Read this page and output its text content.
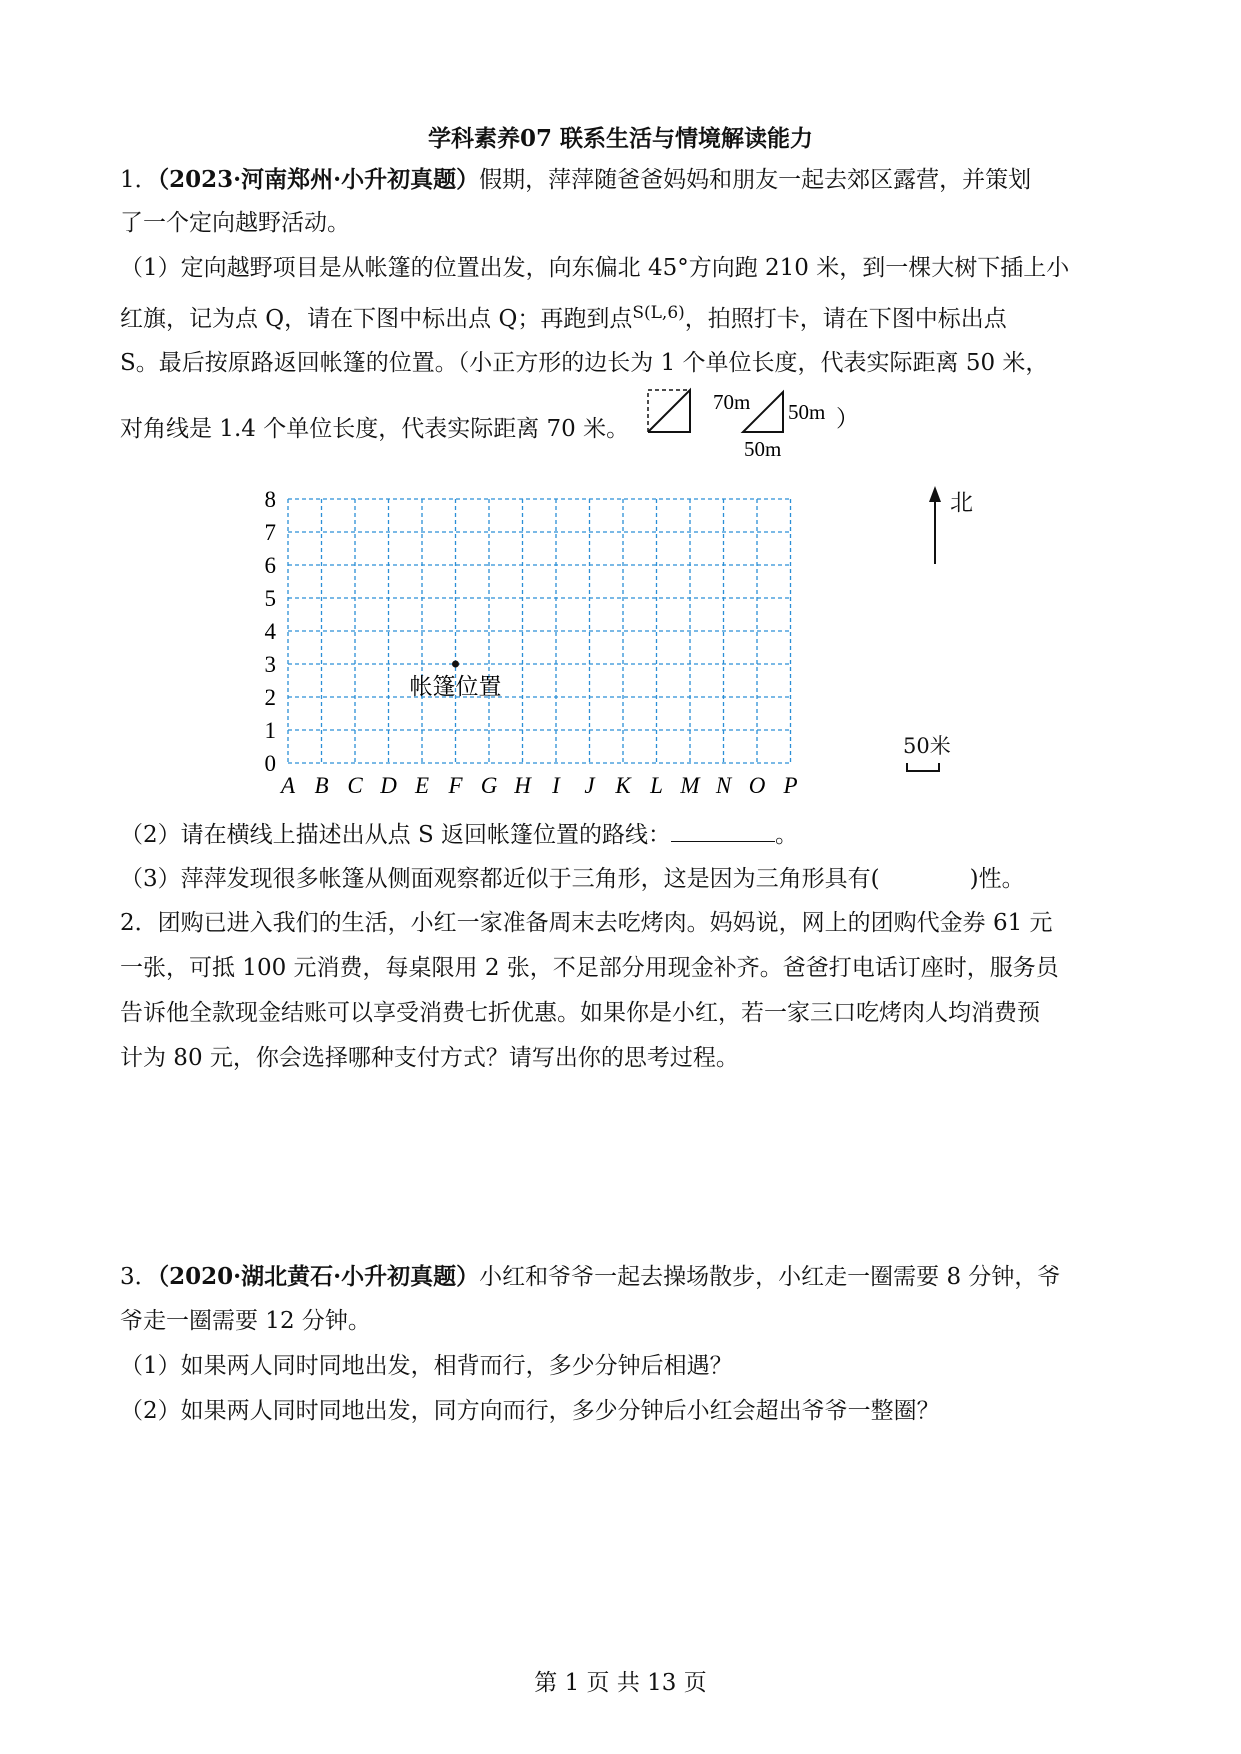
学科素养07 联系生活与情境解读能力
1．（2023·河南郑州·小升初真题）假期，萍萍随爸爸妈妈和朋友一起去郊区露营，并策划
了一个定向越野活动。
（1）定向越野项目是从帐篷的位置出发，向东偏北 45°方向跑 210 米，到一棵大树下插上小
红旗，记为点 Q，请在下图中标出点 Q；再跑到点$^{S(L,6)}$，拍照打卡，请在下图中标出点
S。最后按原路返回帐篷的位置。（小正方形的边长为 1 个单位长度，代表实际距离 50 米，
对角线是 1.4 个单位长度，代表实际距离 70 米。
70m 50m
50m
）
A B C D E F G H I J K L M N O P
0
1
2
3
4
5
6
7
8
帐篷位置
北
50米
（2）请在横线上描述出从点 S 返回帐篷位置的路线：	。
（3）萍萍发现很多帐篷从侧面观察都近似于三角形，这是因为三角形具有(	)性。
2．团购已进入我们的生活，小红一家准备周末去吃烤肉。妈妈说，网上的团购代金券 61 元
一张，可抵 100 元消费，每桌限用 2 张，不足部分用现金补齐。爸爸打电话订座时，服务员
告诉他全款现金结账可以享受消费七折优惠。如果你是小红，若一家三口吃烤肉人均消费预
计为 80 元，你会选择哪种支付方式？请写出你的思考过程。
3．（2020·湖北黄石·小升初真题）小红和爷爷一起去操场散步，小红走一圈需要 8 分钟，爷
爷走一圈需要 12 分钟。
（1）如果两人同时同地出发，相背而行，多少分钟后相遇？
（2）如果两人同时同地出发，同方向而行，多少分钟后小红会超出爷爷一整圈？
第 1 页 共 13 页
